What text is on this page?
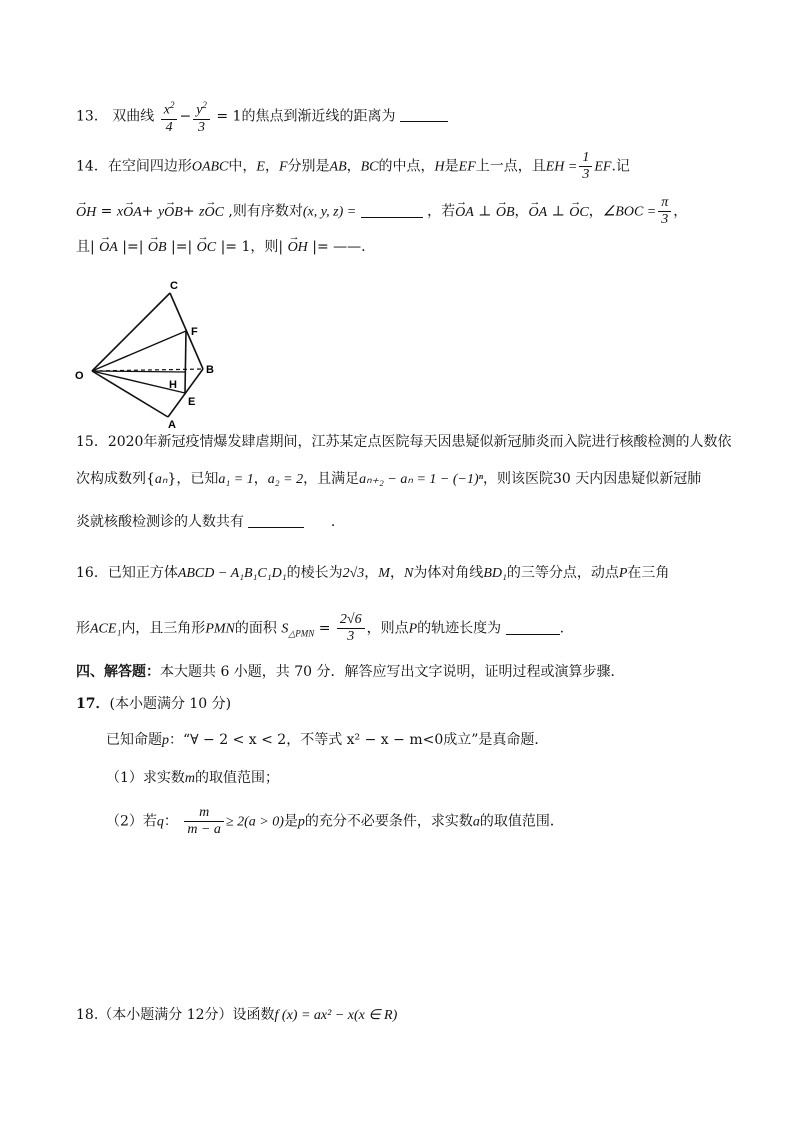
13． 双曲线 $\frac{x^2}{4} - \frac{y^2}{3} = 1$的焦点到渐近线的距离为
14．在空间四边形OABC中，E，F分别是AB，BC的中点，H是EF上一点，且EH = $\frac{1}{3}$ EF.记
→ OH = x→ OA+ y→ OB+ z→ OC ,则有序数对(x, y, z) =	，若→ OA ⊥ → OB，→ OA ⊥ → OC，∠BOC = $\frac{\pi}{3}$ ，
且| → OA |=| → OB |=| → OC |= 1，则| → OH |= ——.
C
F
O
H
B
E
A
15．2020年新冠疫情爆发肆虐期间，江苏某定点医院每天因患疑似新冠肺炎而入院进行核酸检测的人数依
次构成数列{aₙ}，已知a₁ = 1，a₂ = 2，且满足aₙ₊₂ − aₙ = 1 − (−1)ⁿ，则该医院30 天内因患疑似新冠肺
炎就核酸检测诊的人数共有	.
16．已知正方体ABCD − A₁B₁C₁D₁的棱长为2√3，M，N为体对角线BD₁的三等分点，动点P在三角
形ACE₁内，且三角形PMN的面积 $S_{\triangle PMN} = \frac{2√6}{3}$ ，则点P的轨迹长度为	.
四、解答题：本大题共 6 小题，共 70 分．解答应写出文字说明，证明过程或演算步骤．
17．(本小题满分 10 分)
已知命题p：“∀ − 2 < x < 2，不等式 x² − x − m<0成立”是真命题．
（1）求实数m的取值范围；
（2）若q： $\frac{m}{m - a} \ge 2(a > 0)$是p的充分不必要条件，求实数a的取值范围．
18.（本小题满分 12分）设函数f (x) = ax² − x(x ∈ R)
